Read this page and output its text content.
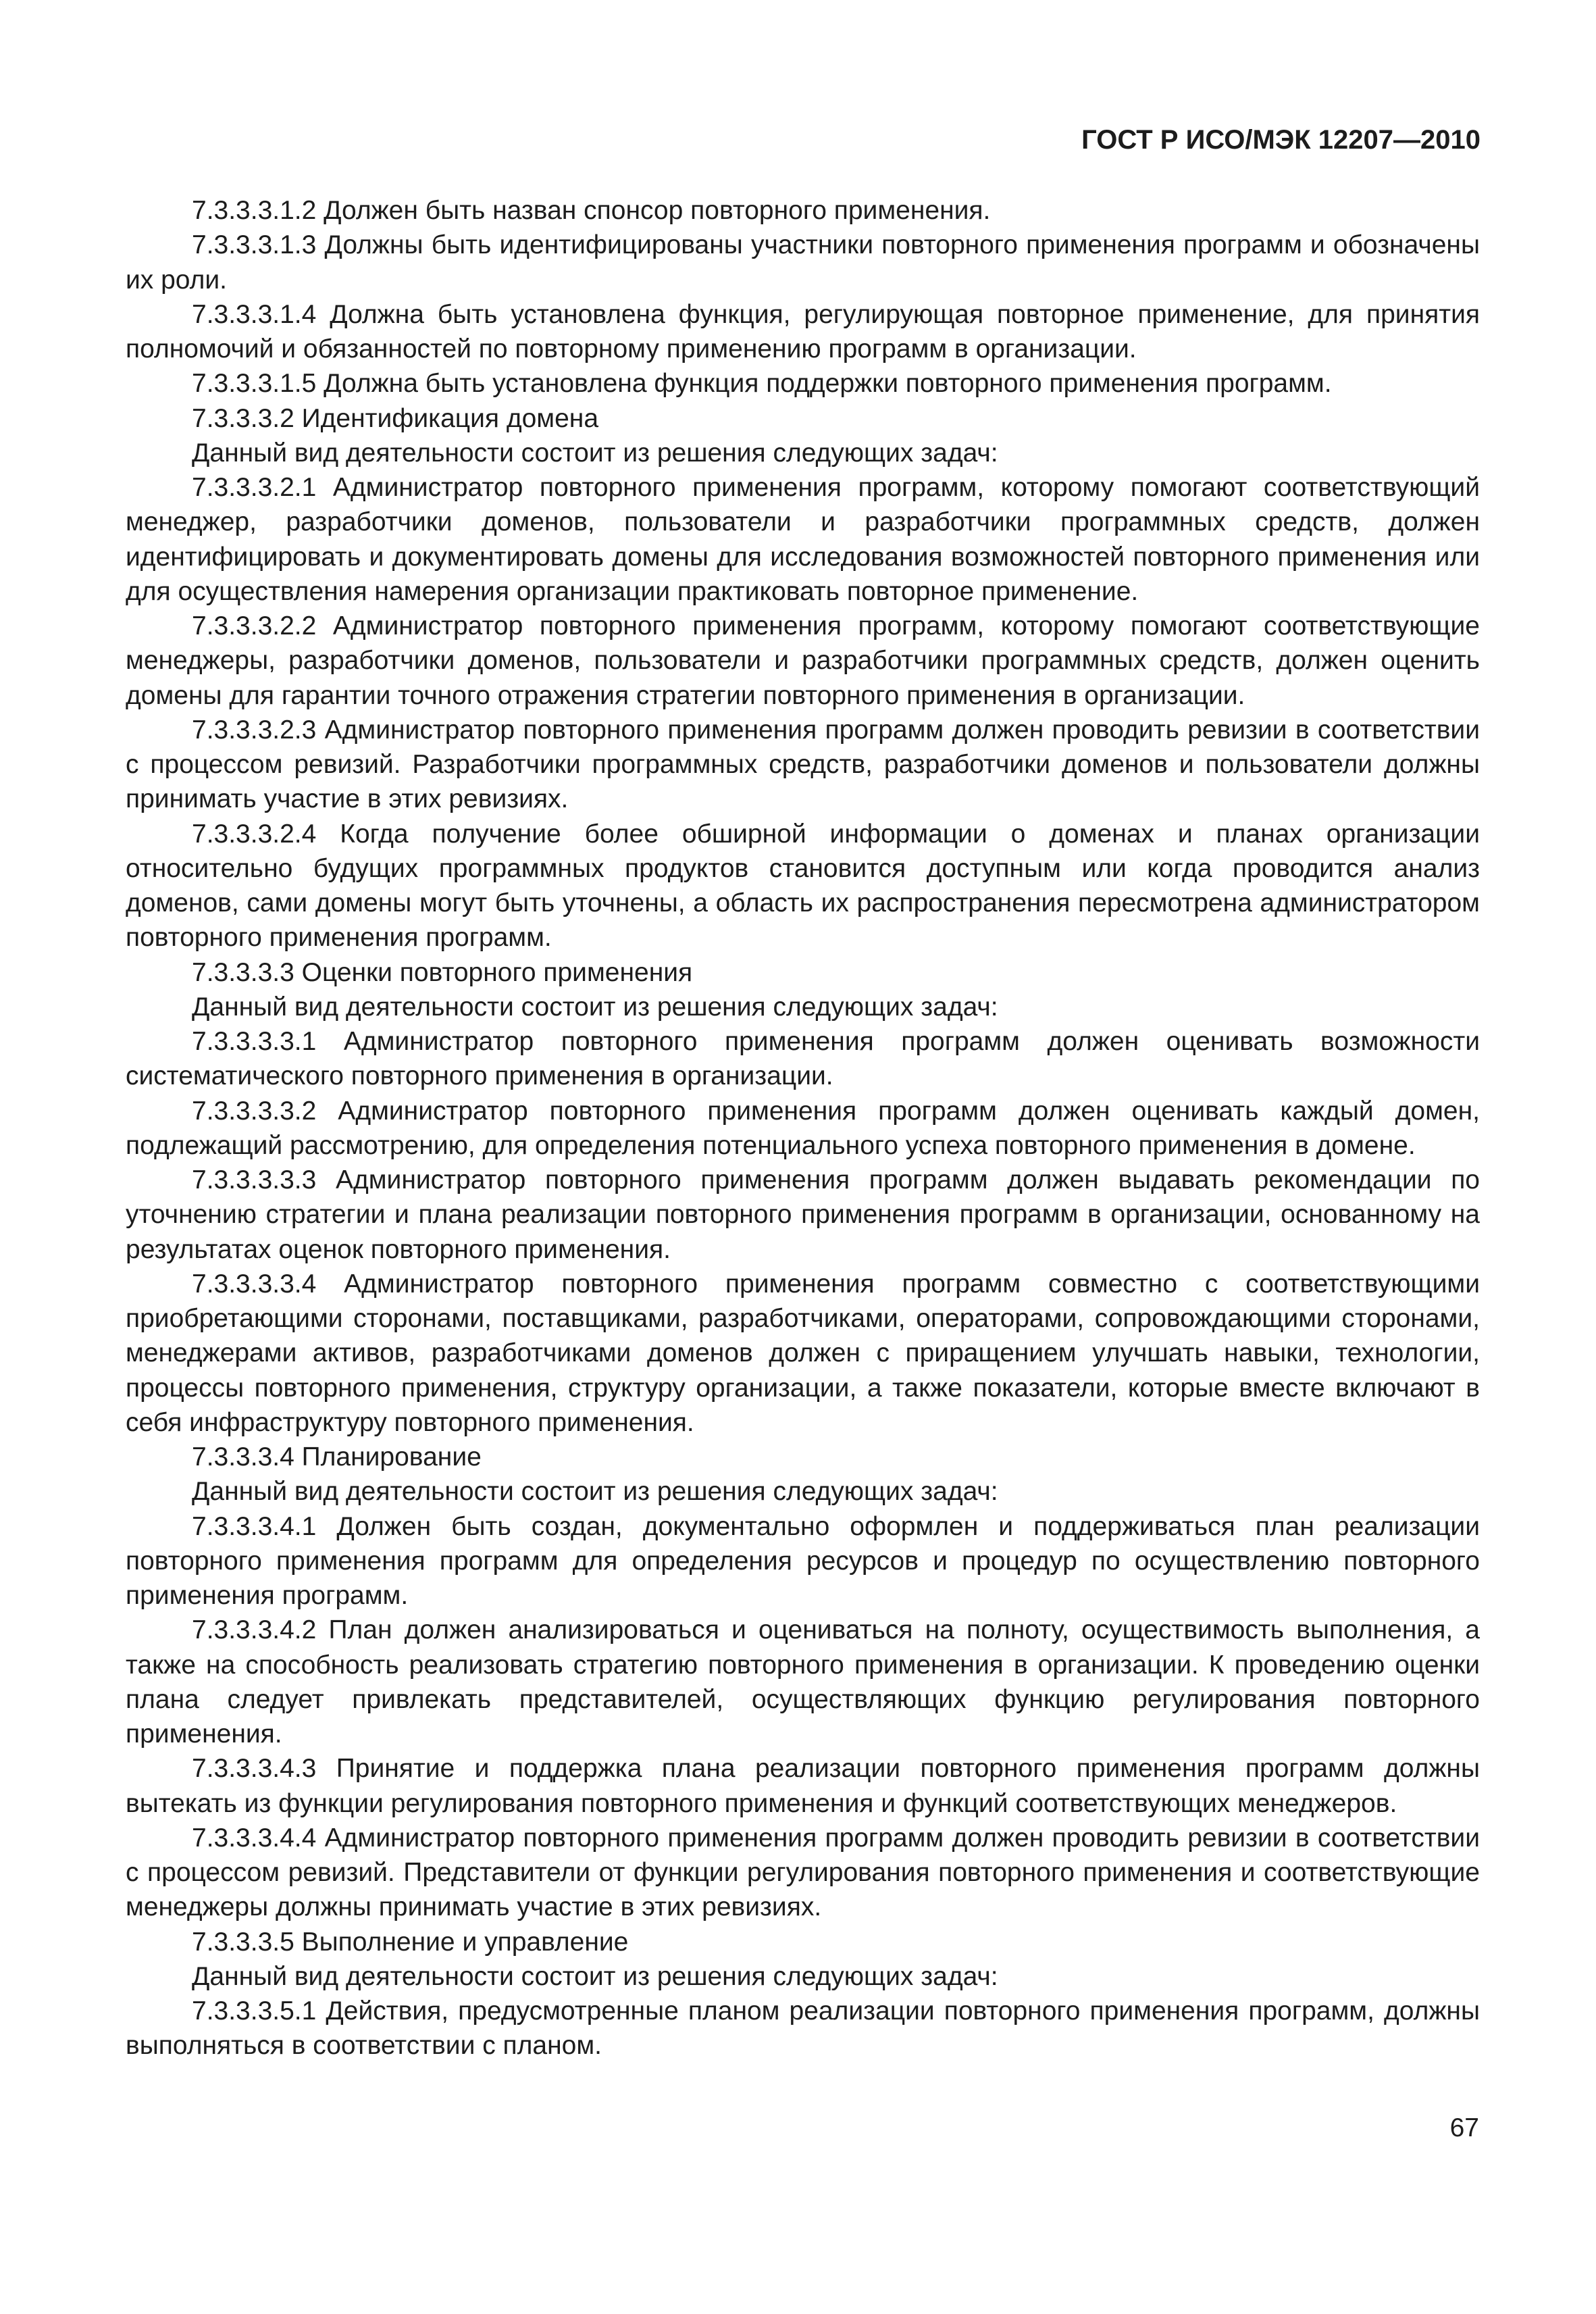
ГОСТ Р ИСО/МЭК 12207—2010

7.3.3.3.1.2 Должен быть назван спонсор повторного применения.

7.3.3.3.1.3 Должны быть идентифицированы участники повторного применения программ и обозначены их роли.

7.3.3.3.1.4 Должна быть установлена функция, регулирующая повторное применение, для принятия полномочий и обязанностей по повторному применению программ в организации.

7.3.3.3.1.5 Должна быть установлена функция поддержки повторного применения программ.

7.3.3.3.2 Идентификация домена

Данный вид деятельности состоит из решения следующих задач:

7.3.3.3.2.1 Администратор повторного применения программ, которому помогают соответствующий менеджер, разработчики доменов, пользователи и разработчики программных средств, должен идентифицировать и документировать домены для исследования возможностей повторного применения или для осуществления намерения организации практиковать повторное применение.

7.3.3.3.2.2 Администратор повторного применения программ, которому помогают соответствующие менеджеры, разработчики доменов, пользователи и разработчики программных средств, должен оценить домены для гарантии точного отражения стратегии повторного применения в организации.

7.3.3.3.2.3 Администратор повторного применения программ должен проводить ревизии в соответствии с процессом ревизий. Разработчики программных средств, разработчики доменов и пользователи должны принимать участие в этих ревизиях.

7.3.3.3.2.4 Когда получение более обширной информации о доменах и планах организации относительно будущих программных продуктов становится доступным или когда проводится анализ доменов, сами домены могут быть уточнены, а область их распространения пересмотрена администратором повторного применения программ.

7.3.3.3.3 Оценки повторного применения

Данный вид деятельности состоит из решения следующих задач:

7.3.3.3.3.1 Администратор повторного применения программ должен оценивать возможности систематического повторного применения в организации.

7.3.3.3.3.2 Администратор повторного применения программ должен оценивать каждый домен, подлежащий рассмотрению, для определения потенциального успеха повторного применения в домене.

7.3.3.3.3.3 Администратор повторного применения программ должен выдавать рекомендации по уточнению стратегии и плана реализации повторного применения программ в организации, основанному на результатах оценок повторного применения.

7.3.3.3.3.4 Администратор повторного применения программ совместно с соответствующими приобретающими сторонами, поставщиками, разработчиками, операторами, сопровождающими сторонами, менеджерами активов, разработчиками доменов должен с приращением улучшать навыки, технологии, процессы повторного применения, структуру организации, а также показатели, которые вместе включают в себя инфраструктуру повторного применения.

7.3.3.3.4 Планирование

Данный вид деятельности состоит из решения следующих задач:

7.3.3.3.4.1 Должен быть создан, документально оформлен и поддерживаться план реализации повторного применения программ для определения ресурсов и процедур по осуществлению повторного применения программ.

7.3.3.3.4.2 План должен анализироваться и оцениваться на полноту, осуществимость выполнения, а также на способность реализовать стратегию повторного применения в организации. К проведению оценки плана следует привлекать представителей, осуществляющих функцию регулирования повторного применения.

7.3.3.3.4.3 Принятие и поддержка плана реализации повторного применения программ должны вытекать из функции регулирования повторного применения и функций соответствующих менеджеров.

7.3.3.3.4.4 Администратор повторного применения программ должен проводить ревизии в соответствии с процессом ревизий. Представители от функции регулирования повторного применения и соответствующие менеджеры должны принимать участие в этих ревизиях.

7.3.3.3.5 Выполнение и управление

Данный вид деятельности состоит из решения следующих задач:

7.3.3.3.5.1 Действия, предусмотренные планом реализации повторного применения программ, должны выполняться в соответствии с планом.

67
